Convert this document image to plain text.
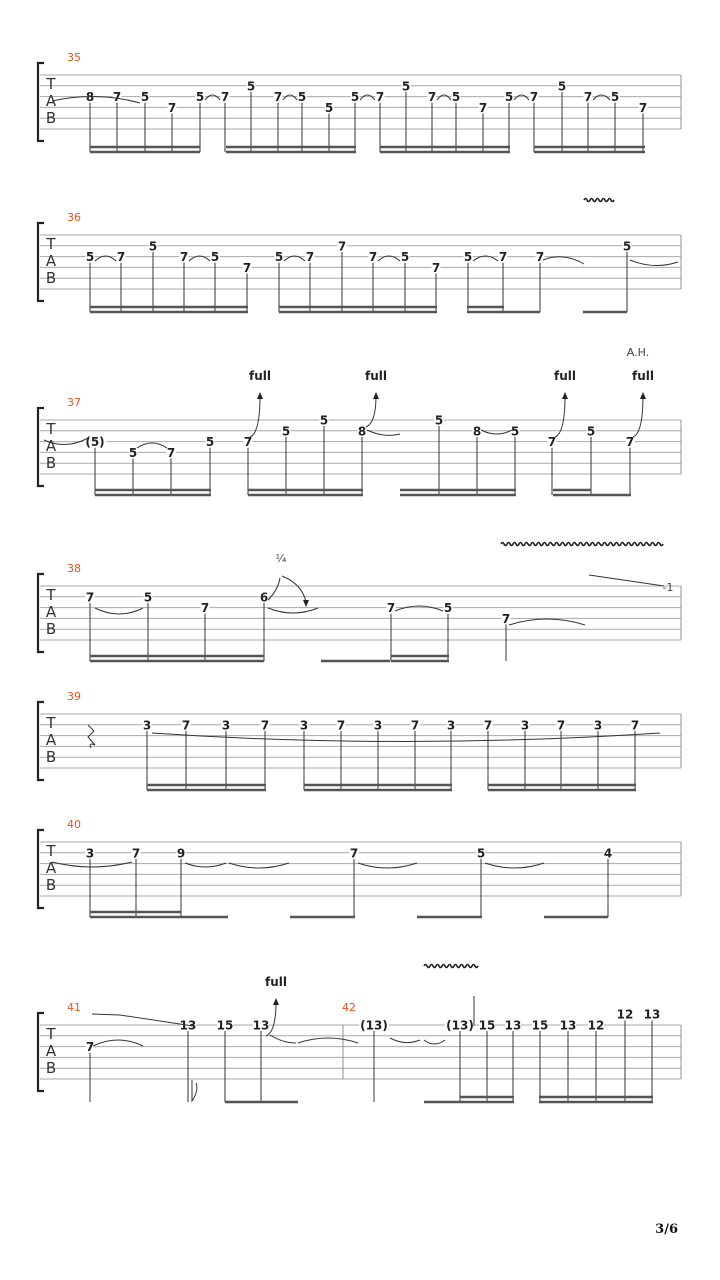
T
A
B
35
8 7 5
7
5 7
5
7 5
5
5 7
5
7 5
7
5 7
5
7 5
7
T
A
B
36
5 7
5
7 5
7
5 7
7
7 5
7
5 7 7
5
T
A
B
37
(5)
5 7
5 7
5
5
8
5
8 5
7
5
7
T
A
B
38
7	5
7
6
7	5
7
T
A
B
39
3	7	3	7	3 7 3 7 3 7 3 7 3 7
T
A
B
40
3	7	9	7	5	4
T
A
B
41	42
7
13 15 13	(13)	(13) 15 13 15 13 12
12 13
full	full	full	full
full
¼
A.H.
-1
3/6
